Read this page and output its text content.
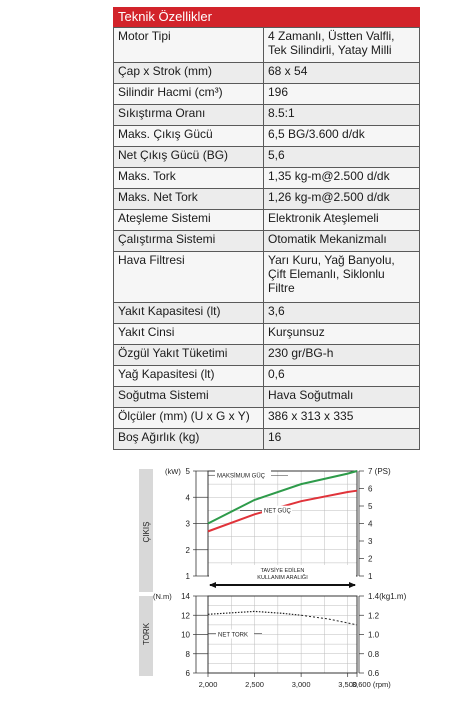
Teknik Özellikler
Motor Tipi	4 Zamanlı, Üstten Valfli,
Tek Silindirli, Yatay Milli
Çap x Strok (mm)	68 x 54
Silindir Hacmi (cm³)	196
Sıkıştırma Oranı	8.5:1
Maks. Çıkış Gücü	6,5 BG/3.600 d/dk
Net Çıkış Gücü (BG)	5,6
Maks. Tork	1,35 kg-m@2.500 d/dk
Maks. Net Tork	1,26 kg-m@2.500 d/dk
Ateşleme Sistemi	Elektronik Ateşlemeli
Çalıştırma Sistemi	Otomatik Mekanizmalı
Hava Filtresi	Yarı Kuru, Yağ Banyolu,
Çift Elemanlı, Siklonlu
Filtre
Yakıt Kapasitesi (lt)	3,6
Yakıt Cinsi	Kurşunsuz
Özgül Yakıt Tüketimi	230 gr/BG-h
Yağ Kapasitesi (lt)	0,6
Soğutma Sistemi	Hava Soğutmalı
Ölçüler (mm) (U x G x Y)	386 x 313 x 335
Boş Ağırlık (kg)	16
ÇIKIŞ
TORK
(kW) 5
4
3
2
1
7 (PS)
6
5
4
3
2
1
MAKSİMUM GÜÇ
NET GÜÇ
TAVSİYE EDİLEN
KULLANIM ARALIĞI
(N.m) 14
12
10
8
6
1.4(kg1.m)
1.2
1.0
0.8
0.6
NET TORK
2,000	2,500	3,000	3,500
3,600 (rpm)
